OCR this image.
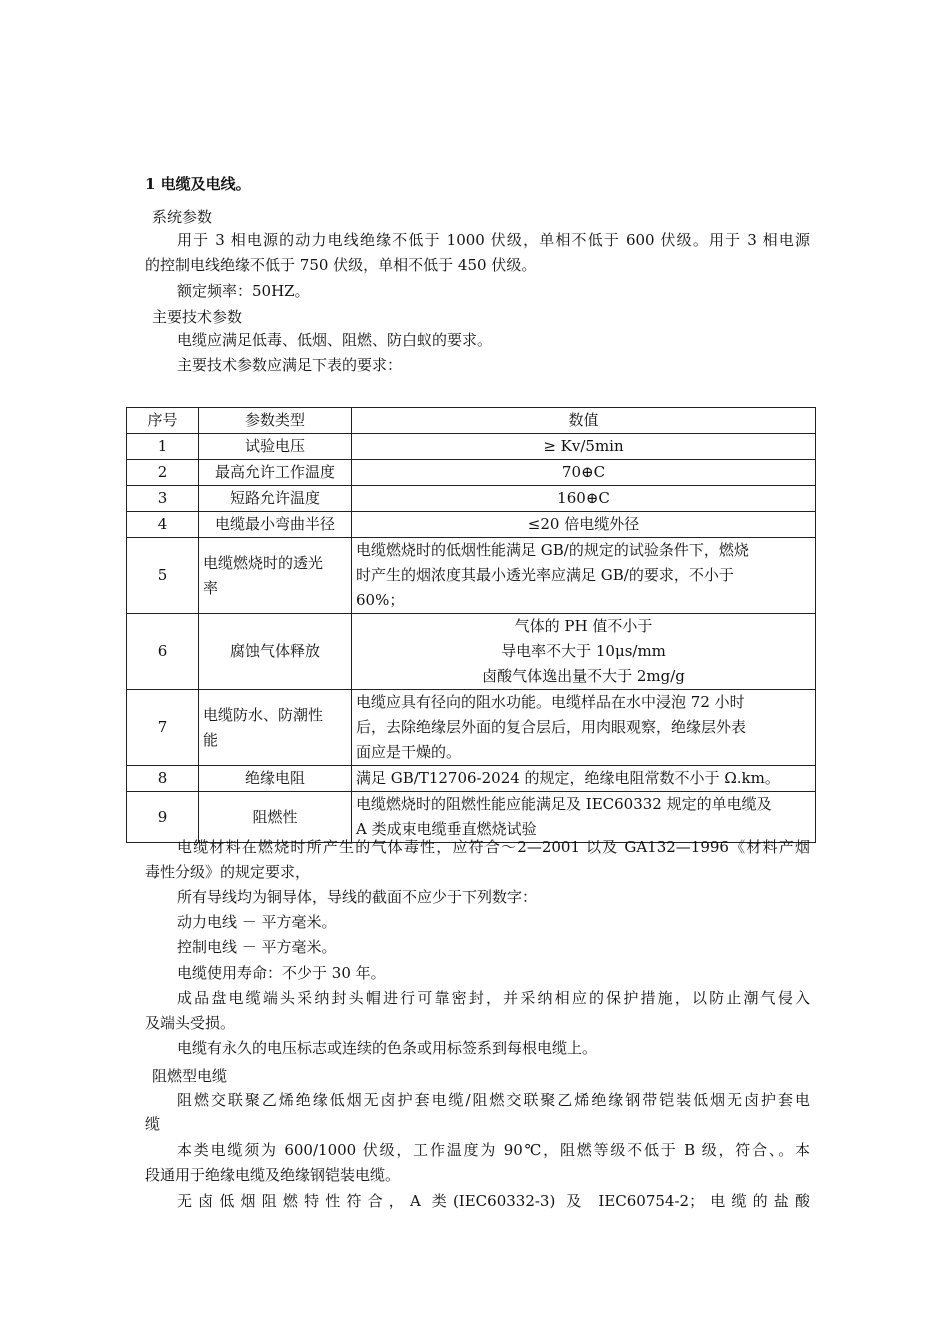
1 电缆及电线。
系统参数
用于 3 相电源的动力电线绝缘不低于 1000 伏级，单相不低于 600 伏级。用于 3 相电源
的控制电线绝缘不低于 750 伏级，单相不低于 450 伏级。
额定频率：50HZ。
主要技术参数
电缆应满足低毒、低烟、阻燃、防白蚁的要求。
主要技术参数应满足下表的要求：
序号	参数类型	数值
1	试验电压	≥ Kv/5min

2	最高允许工作温度	70⊕C

3	短路允许温度	160⊕C

4	电缆最小弯曲半径	≤20 倍电缆外径

5	电缆燃烧时的透光
率	电缆燃烧时的低烟性能满足 GB/的规定的试验条件下，燃烧
时产生的烟浓度其最小透光率应满足 GB/的要求，不小于
60%；

6	腐蚀气体释放	气体的 PH 值不小于
导电率不大于 10μs/mm
卤酸气体逸出量不大于 2mg/g

7	电缆防水、防潮性
能	电缆应具有径向的阻水功能。电缆样品在水中浸泡 72 小时
后，去除绝缘层外面的复合层后，用肉眼观察，绝缘层外表
面应是干燥的。

8	绝缘电阻	满足 GB/T12706-2024 的规定，绝缘电阻常数不小于 Ω.km。

9	阻燃性	电缆燃烧时的阻燃性能应能满足及 IEC60332 规定的单电缆及
A 类成束电缆垂直燃烧试验
电缆材料在燃烧时所产生的气体毒性，应符合～2—2001 以及 GA132—1996《材料产烟
毒性分级》的规定要求，
所有导线均为铜导体，导线的截面不应少于下列数字：
动力电线 － 平方毫米。
控制电线 － 平方毫米。
电缆使用寿命：不少于 30 年。
成品盘电缆端头采纳封头帽进行可靠密封，并采纳相应的保护措施，以防止潮气侵入
及端头受损。
电缆有永久的电压标志或连续的色条或用标签系到每根电缆上。
阻燃型电缆
阻燃交联聚乙烯绝缘低烟无卤护套电缆/阻燃交联聚乙烯绝缘钢带铠装低烟无卤护套电
缆
本类电缆须为 600/1000 伏级，工作温度为 90℃，阻燃等级不低于 B 级，符合、。本
段通用于绝缘电缆及绝缘钢铠装电缆。
无卤低烟阻燃特性符合，A 类(IEC60332-3) 及 IEC60754-2；电缆的盐酸
